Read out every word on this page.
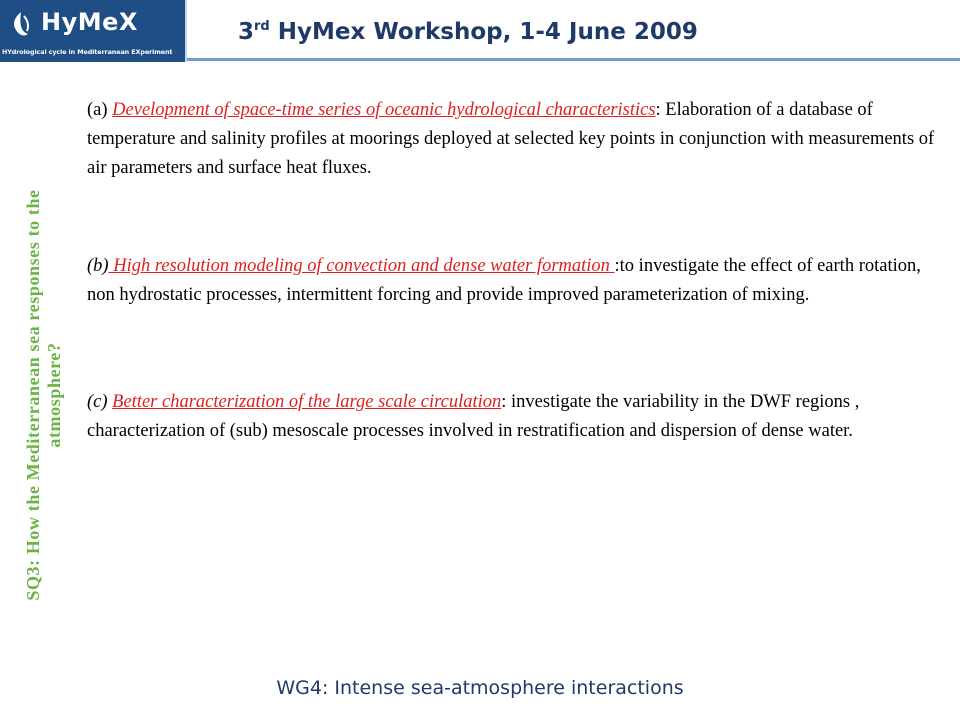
HyMeX
HYdrological cycle in Mediterranean EXperiment
3rd HyMex Workshop, 1-4 June 2009
SQ3: How the Mediterranean sea responses to the atmosphere?
(a) Development of space-time series of oceanic hydrological characteristics: Elaboration of a database of temperature and salinity profiles at moorings deployed at selected key points in conjunction with measurements of air parameters and surface heat fluxes.
(b) High resolution modeling of convection and dense water formation :to investigate the effect of earth rotation, non hydrostatic processes, intermittent forcing and provide improved parameterization of mixing.
(c) Better characterization of the large scale circulation: investigate the variability in the DWF regions , characterization of (sub) mesoscale processes involved in restratification and dispersion of dense water.
WG4: Intense sea-atmosphere interactions
